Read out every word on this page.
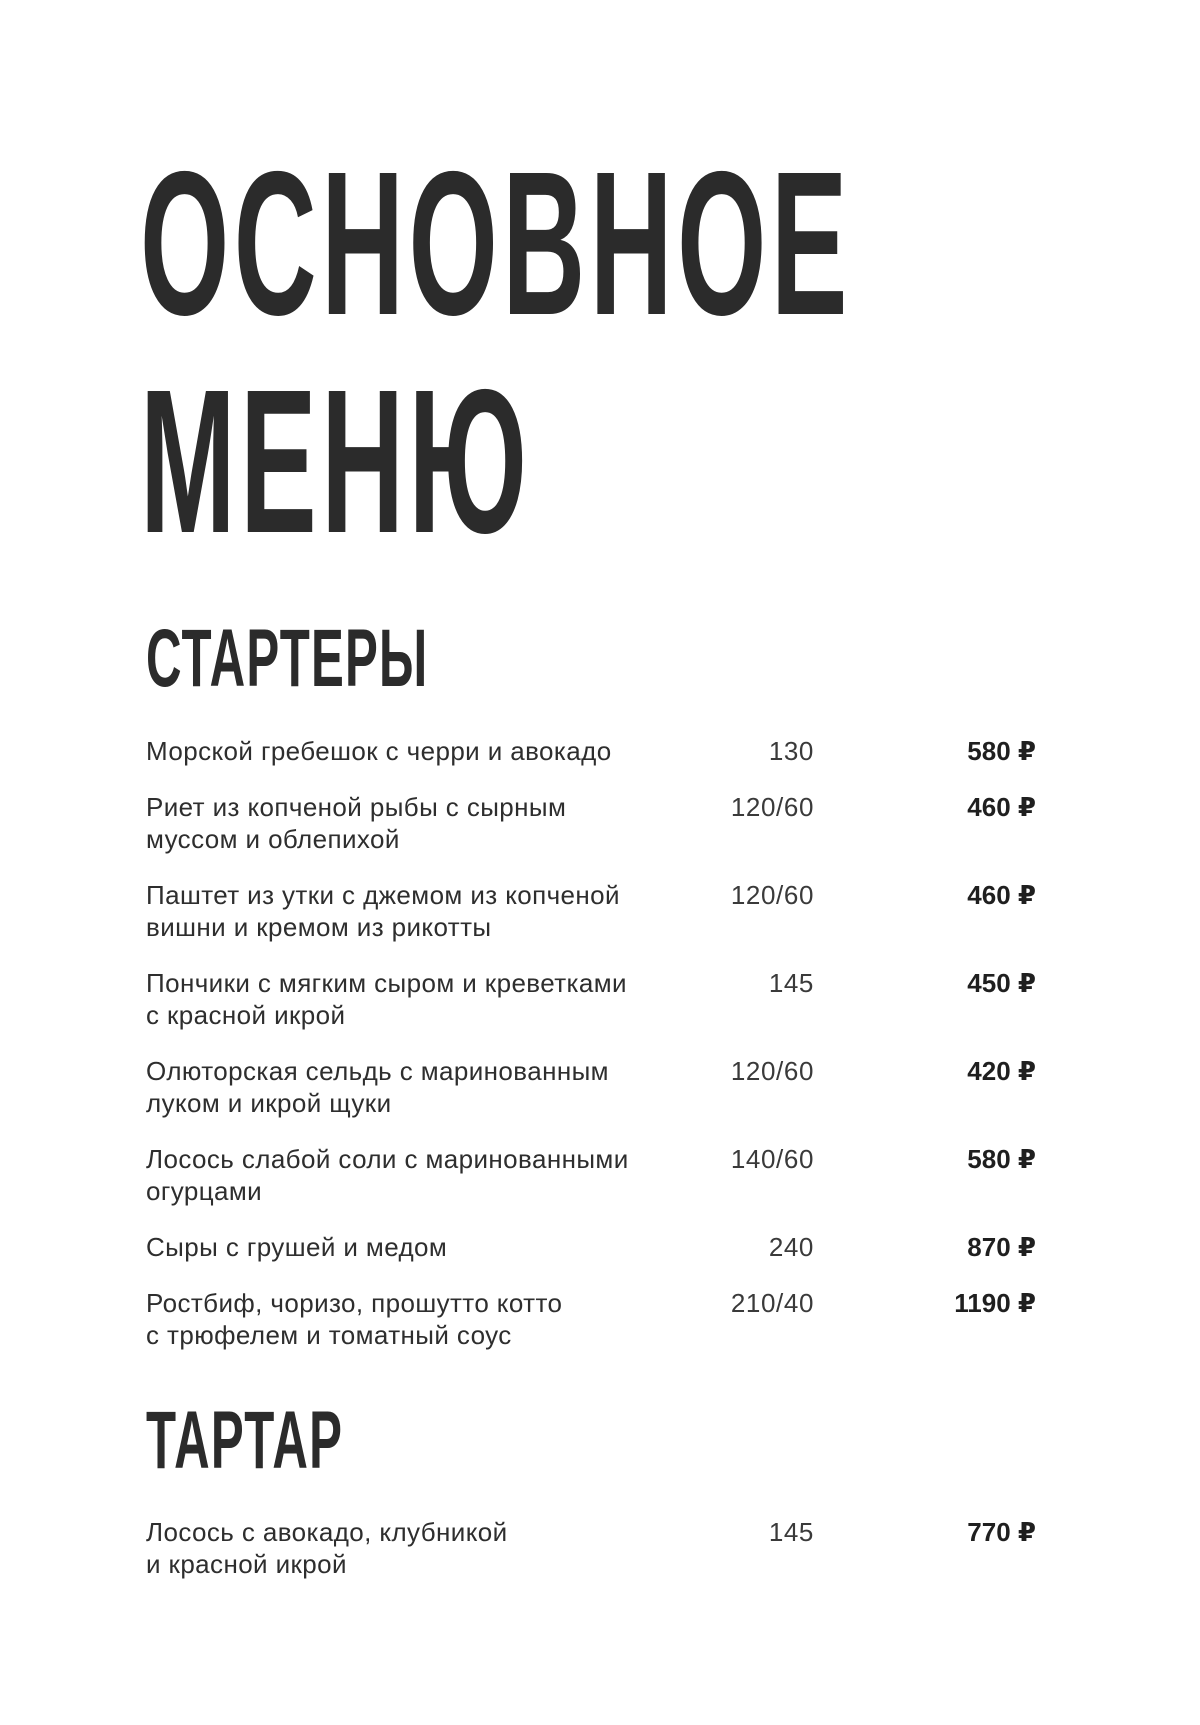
ОСНОВНОЕ
МЕНЮ
СТАРТЕРЫ
Морской гребешок с черри и авокадо	130	580 ₽
Риет из копченой рыбы с сырным
муссом и облепихой
120/60	460 ₽
Паштет из утки с джемом из копченой
вишни и кремом из рикотты
120/60	460 ₽
Пончики с мягким сыром и креветками
с красной икрой
145	450 ₽
Олюторская сельдь с маринованным
луком и икрой щуки
120/60	420 ₽
Лосось слабой соли с маринованными
огурцами
140/60	580 ₽
Сыры с грушей и медом	240	870 ₽
Ростбиф, чоризо, прошутто котто
с трюфелем и томатный соус
210/40	1190 ₽
ТАРТАР
Лосось с авокадо, клубникой
и красной икрой
145	770 ₽
